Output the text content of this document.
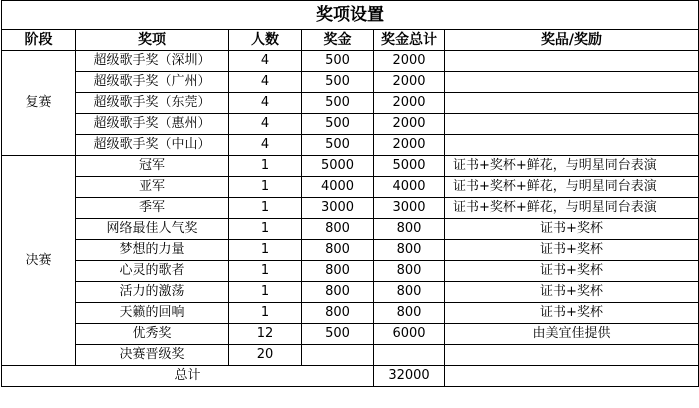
奖项设置					
阶段	奖项	人数	奖金	奖金总计	奖品/奖励
复赛	超级歌手奖（深圳）	4	500	2000	
	超级歌手奖（广州）	4	500	2000	
	超级歌手奖（东莞）	4	500	2000	
	超级歌手奖（惠州）	4	500	2000	
	超级歌手奖（中山）	4	500	2000	
决赛	冠军	1	5000	5000	证书+奖杯+鲜花，与明星同台表演
	亚军	1	4000	4000	证书+奖杯+鲜花，与明星同台表演
	季军	1	3000	3000	证书+奖杯+鲜花，与明星同台表演
	网络最佳人气奖	1	800	800	证书+奖杯
	梦想的力量	1	800	800	证书+奖杯
	心灵的歌者	1	800	800	证书+奖杯
	活力的激荡	1	800	800	证书+奖杯
	天籁的回响	1	800	800	证书+奖杯
	优秀奖	12	500	6000	由美宜佳提供
	决赛晋级奖	20			
总计				32000	
